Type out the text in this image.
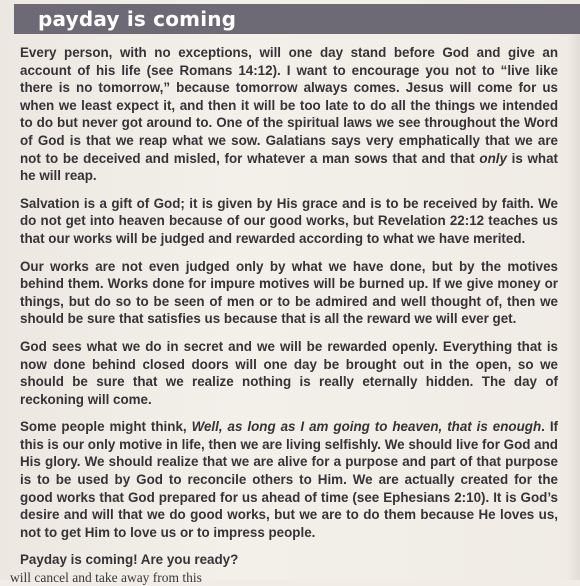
payday is coming

Every person, with no exceptions, will one day stand before God and give an account of his life (see Romans 14:12). I want to encourage you not to “live like there is no tomorrow,” because tomorrow always comes. Jesus will come for us when we least expect it, and then it will be too late to do all the things we intended to do but never got around to. One of the spiritual laws we see throughout the Word of God is that we reap what we sow. Galatians says very emphatically that we are not to be deceived and misled, for whatever a man sows that and that only is what he will reap.

Salvation is a gift of God; it is given by His grace and is to be received by faith. We do not get into heaven because of our good works, but Revelation 22:12 teaches us that our works will be judged and rewarded according to what we have merited.

Our works are not even judged only by what we have done, but by the motives behind them. Works done for impure motives will be burned up. If we give money or things, but do so to be seen of men or to be admired and well thought of, then we should be sure that satisfies us because that is all the reward we will ever get.

God sees what we do in secret and we will be rewarded openly. Everything that is now done behind closed doors will one day be brought out in the open, so we should be sure that we realize nothing is really eternally hidden. The day of reckoning will come.

Some people might think, Well, as long as I am going to heaven, that is enough. If this is our only motive in life, then we are living selfishly. We should live for God and His glory. We should realize that we are alive for a purpose and part of that purpose is to be used by God to reconcile others to Him. We are actually created for the good works that God prepared for us ahead of time (see Ephesians 2:10). It is God’s desire and will that we do good works, but we are to do them because He loves us, not to get Him to love us or to impress people.

Payday is coming! Are you ready?

will cancel and take away from this
